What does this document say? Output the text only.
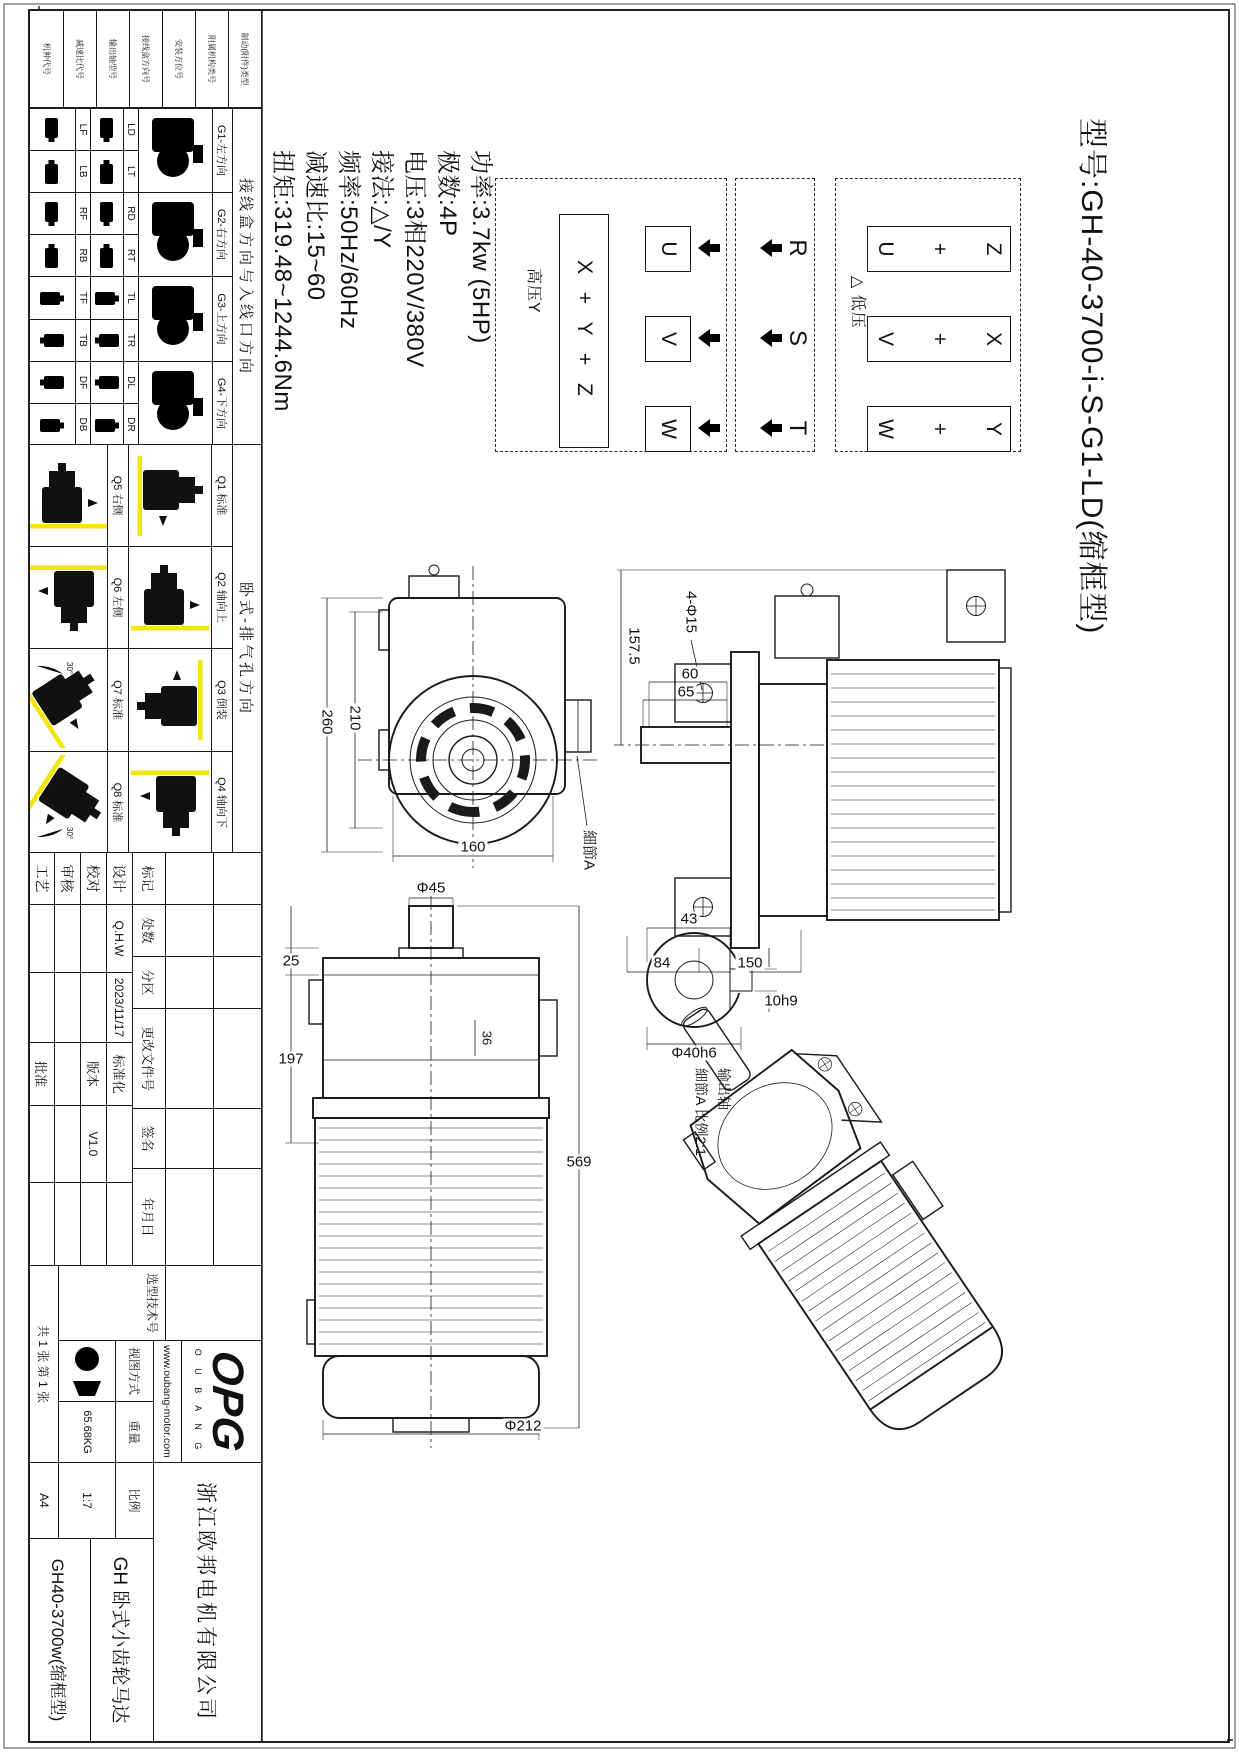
型号:GH-40-3700-i-S-G1-LD(缩框型)
Z
+
U
X
+
V
Y
+
W
△ 低压
R
S
T
U
V
W
X + Y + Z
高压Y
功率:3.7kw (5HP)
极数:4P
电压:3相220V/380V
接法:△/Y
频率:50Hz/60Hz
减速比:15~60
扭矩:319.48~1244.6Nm
4-Φ15
65
60
157.5
150
84
210
260
160	細節A
Φ45
569
Φ212
25
197
36
10h9
43
Φ40h6
输出轴
細節A 比例2:1
制动(附件)类型
附属机构类号
安装方位号
接线盒方向号
输出轴型号
减速比代号
机种代号
接线盒方向与入线口方向
G1-左方向
G2-右方向
G3-上方向
G4-下方向
LD
LT
RD
RT
TL
TR
DL
DR
LF
LB
RF
RB
TF
TB
DF
DB
卧式-排气孔方向
Q1 标准
Q2 轴向上
Q3 倒装
Q4 轴向下
Q5 右侧
Q6 左侧
Q7 标准
Q8 标准
30°
30°
标记
处数
分区
更改文件号
签名
年月日
设计
Q.H.W
2023/11/17
标准化
校对
版本
V1.0
审核
工艺
批准
选型技术号
OPG
O U B A N G
www.oubang-motor.com
视图方式
重量
65.68KG
共 1 张 第 1 张
浙江欧邦电机有限公司
比例
1:7
A4
GH 卧式小齿轮马达
GH40-3700w(缩框型)
